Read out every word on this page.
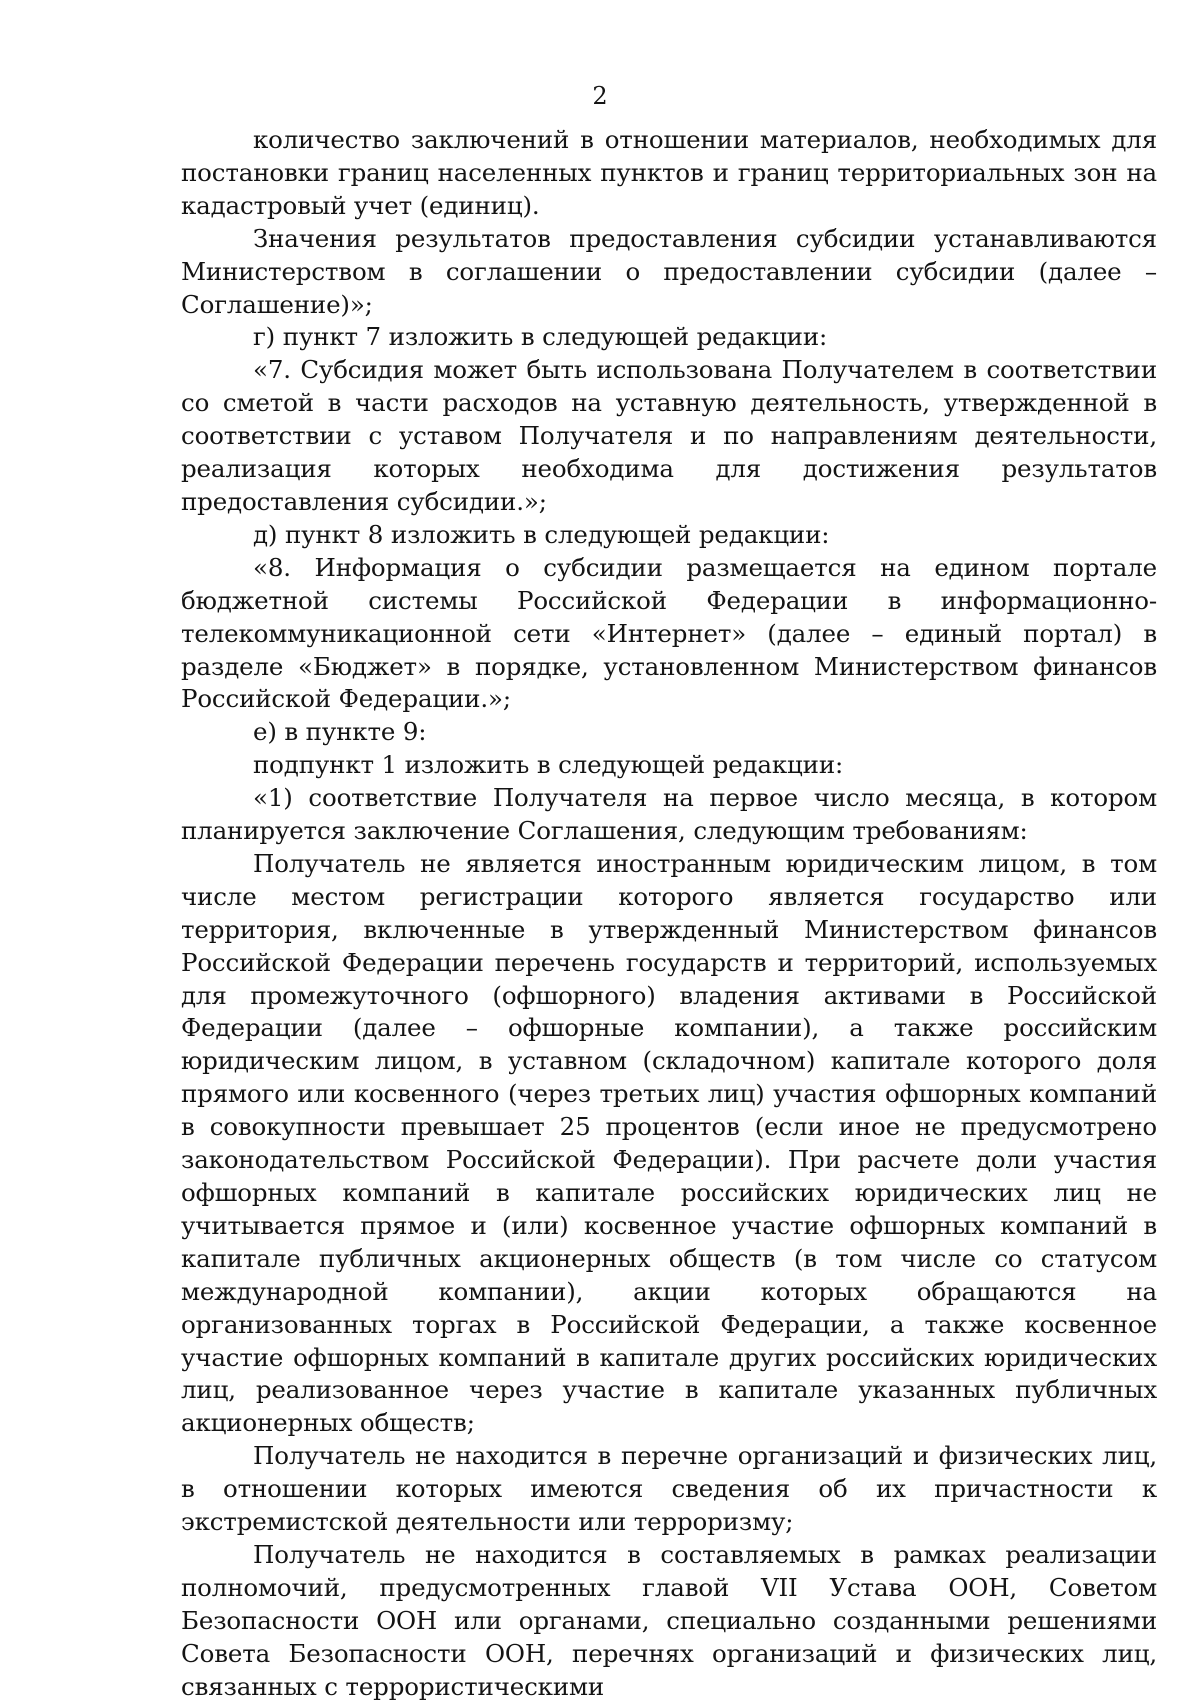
2

количество заключений в отношении материалов, необходимых для постановки границ населенных пунктов и границ территориальных зон на кадастровый учет (единиц).

Значения результатов предоставления субсидии устанавливаются Министерством в соглашении о предоставлении субсидии (далее – Соглашение)»;

г) пункт 7 изложить в следующей редакции:

«7. Субсидия может быть использована Получателем в соответствии со сметой в части расходов на уставную деятельность, утвержденной в соответствии с уставом Получателя и по направлениям деятельности, реализация которых необходима для достижения результатов предоставления субсидии.»;

д) пункт 8 изложить в следующей редакции:

«8. Информация о субсидии размещается на едином портале бюджетной системы Российской Федерации в информационно-телекоммуникационной сети «Интернет» (далее – единый портал) в разделе «Бюджет» в порядке, установленном Министерством финансов Российской Федерации.»;

е) в пункте 9:

подпункт 1 изложить в следующей редакции:

«1) соответствие Получателя на первое число месяца, в котором планируется заключение Соглашения, следующим требованиям:

Получатель не является иностранным юридическим лицом, в том числе местом регистрации которого является государство или территория, включенные в утвержденный Министерством финансов Российской Федерации перечень государств и территорий, используемых для промежуточного (офшорного) владения активами в Российской Федерации (далее – офшорные компании), а также российским юридическим лицом, в уставном (складочном) капитале которого доля прямого или косвенного (через третьих лиц) участия офшорных компаний в совокупности превышает 25 процентов (если иное не предусмотрено законодательством Российской Федерации). При расчете доли участия офшорных компаний в капитале российских юридических лиц не учитывается прямое и (или) косвенное участие офшорных компаний в капитале публичных акционерных обществ (в том числе со статусом международной компании), акции которых обращаются на организованных торгах в Российской Федерации, а также косвенное участие офшорных компаний в капитале других российских юридических лиц, реализованное через участие в капитале указанных публичных акционерных обществ;

Получатель не находится в перечне организаций и физических лиц, в отношении которых имеются сведения об их причастности к экстремистской деятельности или терроризму;

Получатель не находится в составляемых в рамках реализации полномочий, предусмотренных главой VII Устава ООН, Советом Безопасности ООН или органами, специально созданными решениями Совета Безопасности ООН, перечнях организаций и физических лиц, связанных с террористическими
